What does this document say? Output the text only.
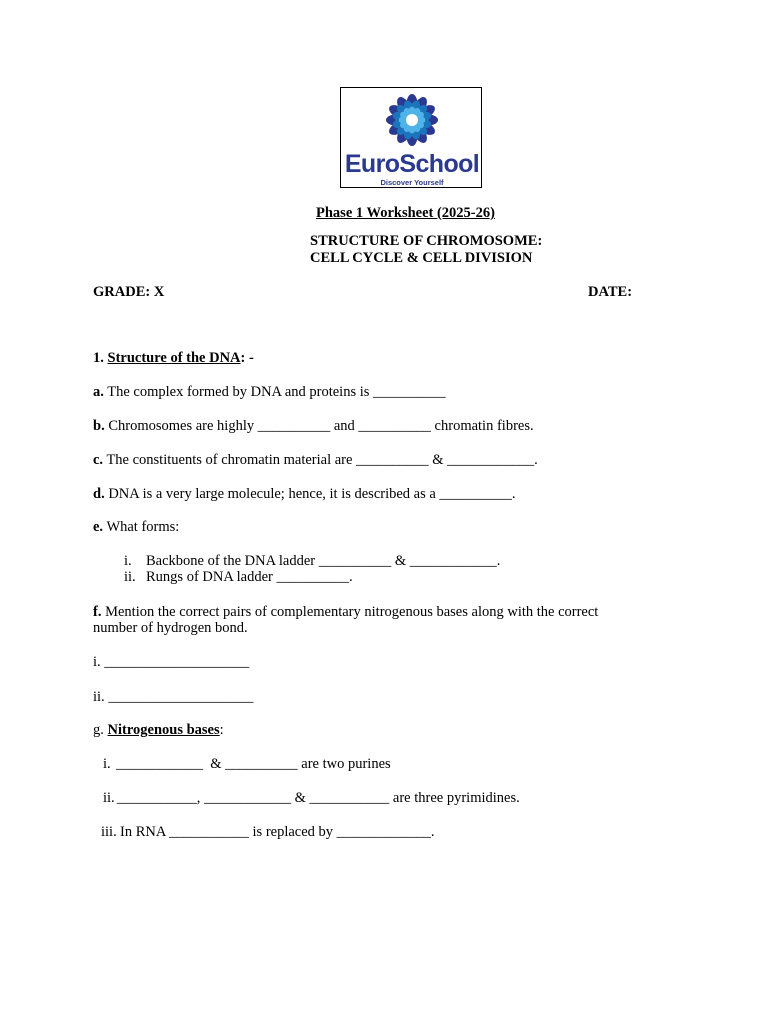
EuroSchool
Discover Yourself
Phase 1 Worksheet (2025-26)
STRUCTURE OF CHROMOSOME:
CELL CYCLE & CELL DIVISION
GRADE: X	DATE:
1. Structure of the DNA: -
a. The complex formed by DNA and proteins is __________
b. Chromosomes are highly __________ and __________ chromatin fibres.
c. The constituents of chromatin material are __________ & ____________.
d. DNA is a very large molecule; hence, it is described as a __________.
e. What forms:
i. Backbone of the DNA ladder __________ & ____________.
ii. Rungs of DNA ladder __________.
f. Mention the correct pairs of complementary nitrogenous bases along with the correct
number of hydrogen bond.
i. ____________________
ii. ____________________
g. Nitrogenous bases:
i. ____________  & __________ are two purines
ii. ___________, ____________ & ___________ are three pyrimidines.
iii. In RNA ___________ is replaced by _____________.
